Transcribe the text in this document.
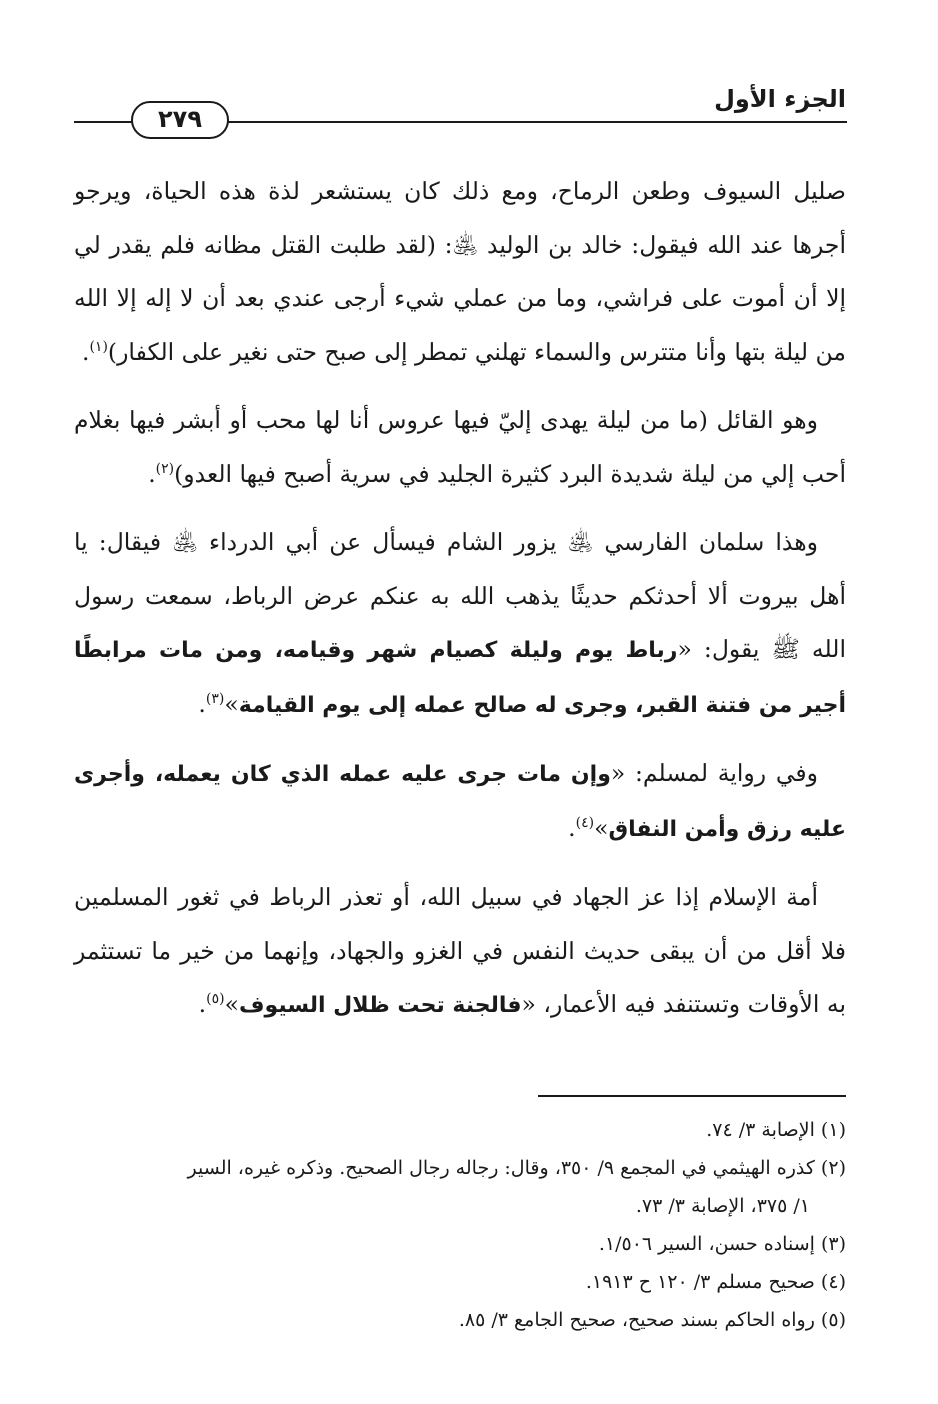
الجزء الأول
٢٧٩

صليل السيوف وطعن الرماح، ومع ذلك كان يستشعر لذة هذه الحياة، ويرجو أجرها عند الله فيقول: خالد بن الوليد ﵁: (لقد طلبت القتل مظانه فلم يقدر لي إلا أن أموت على فراشي، وما من عملي شيء أرجى عندي بعد أن لا إله إلا الله من ليلة بتها وأنا متترس والسماء تهلني تمطر إلى صبح حتى نغير على الكفار)$^{(١)}$.

وهو القائل (ما من ليلة يهدى إليّ فيها عروس أنا لها محب أو أبشر فيها بغلام أحب إلي من ليلة شديدة البرد كثيرة الجليد في سرية أصبح فيها العدو)$^{(٢)}$.

وهذا سلمان الفارسي ﵁ يزور الشام فيسأل عن أبي الدرداء ﵁ فيقال: يا أهل بيروت ألا أحدثكم حديثًا يذهب الله به عنكم عرض الرباط، سمعت رسول الله ﷺ يقول: «رباط يوم وليلة كصيام شهر وقيامه، ومن مات مرابطًا أجير من فتنة القبر، وجرى له صالح عمله إلى يوم القيامة»$^{(٣)}$.

وفي رواية لمسلم: «وإن مات جرى عليه عمله الذي كان يعمله، وأجرى عليه رزق وأمن النفاق»$^{(٤)}$.

أمة الإسلام إذا عز الجهاد في سبيل الله، أو تعذر الرباط في ثغور المسلمين فلا أقل من أن يبقى حديث النفس في الغزو والجهاد، وإنهما من خير ما تستثمر به الأوقات وتستنفد فيه الأعمار، «فالجنة تحت ظلال السيوف»$^{(٥)}$.

(١) الإصابة ٣/ ٧٤.

(٢) كذره الهيثمي في المجمع ٩/ ٣٥٠، وقال: رجاله رجال الصحيح. وذكره غيره، السير

١/ ٣٧٥، الإصابة ٣/ ٧٣.

(٣) إسناده حسن، السير ١/٥٠٦.

(٤) صحيح مسلم ٣/ ١٢٠ ح ١٩١٣.

(٥) رواه الحاكم بسند صحيح، صحيح الجامع ٣/ ٨٥.
